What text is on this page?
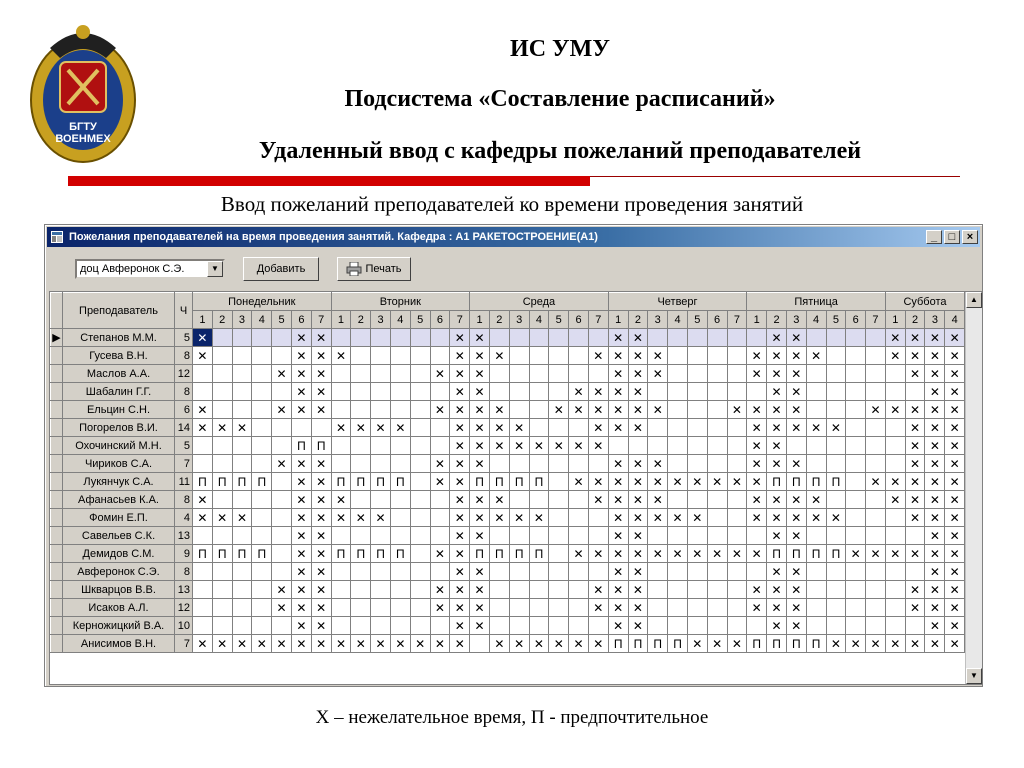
БГТУ
ВОЕНМЕХ
ИС УМУ
Подсистема «Составление расписаний»
Удаленный ввод с кафедры пожеланий преподавателей
Ввод пожеланий преподавателей ко времени проведения занятий
Пожелания преподавателей на время проведения занятий. Кафедра : А1 РАКЕТОСТРОЕНИЕ(А1)	_	□	×
доц Авферонок С.Э.	▼	Добавить	Печать
	Преподаватель	Ч	Понедельник							Вторник							Среда							Четверг							Пятница							Суббота			
			1	2	3	4	5	6	7	1	2	3	4	5	6	7	1	2	3	4	5	6	7	1	2	3	4	5	6	7	1	2	3	4	5	6	7	1	2	3	4
▶	Степанов М.М.	5	✕					✕	✕							✕	✕							✕	✕							✕	✕					✕	✕	✕	✕
	Гусева В.Н.	8	✕					✕	✕	✕						✕	✕	✕					✕	✕	✕	✕					✕	✕	✕	✕				✕	✕	✕	✕
	Маслов А.А.	12					✕	✕	✕						✕	✕	✕							✕	✕	✕					✕	✕	✕						✕	✕	✕
	Шабалин Г.Г.	8						✕	✕							✕	✕					✕	✕	✕	✕							✕	✕							✕	✕
	Ельцин С.Н.	6	✕				✕	✕	✕						✕	✕	✕	✕			✕	✕	✕	✕	✕	✕				✕	✕	✕	✕				✕	✕	✕	✕	✕
	Погорелов В.И.	14	✕	✕	✕					✕	✕	✕	✕			✕	✕	✕	✕				✕	✕	✕						✕	✕	✕	✕	✕				✕	✕	✕
	Охочинский М.Н.	5						П	П							✕	✕	✕	✕	✕	✕	✕	✕								✕	✕							✕	✕	✕
	Чириков С.А.	7					✕	✕	✕						✕	✕	✕							✕	✕	✕					✕	✕	✕						✕	✕	✕
	Лукянчук С.А.	11	П	П	П	П		✕	✕	П	П	П	П		✕	✕	П	П	П	П		✕	✕	✕	✕	✕	✕	✕	✕	✕	✕	П	П	П	П		✕	✕	✕	✕	✕
	Афанасьев К.А.	8	✕					✕	✕	✕						✕	✕	✕					✕	✕	✕	✕					✕	✕	✕	✕				✕	✕	✕	✕
	Фомин Е.П.	4	✕	✕	✕			✕	✕	✕	✕	✕				✕	✕	✕	✕	✕				✕	✕	✕	✕	✕			✕	✕	✕	✕	✕				✕	✕	✕
	Савельев С.К.	13						✕	✕							✕	✕							✕	✕							✕	✕							✕	✕
	Демидов С.М.	9	П	П	П	П		✕	✕	П	П	П	П		✕	✕	П	П	П	П		✕	✕	✕	✕	✕	✕	✕	✕	✕	✕	П	П	П	П	✕	✕	✕	✕	✕	✕
	Авферонок С.Э.	8						✕	✕							✕	✕							✕	✕							✕	✕							✕	✕
	Шкварцов В.В.	13					✕	✕	✕						✕	✕	✕						✕	✕	✕						✕	✕	✕						✕	✕	✕
	Исаков А.Л.	12					✕	✕	✕						✕	✕	✕						✕	✕	✕						✕	✕	✕						✕	✕	✕
	Керножицкий В.А.	10						✕	✕							✕	✕							✕	✕							✕	✕							✕	✕
	Анисимов В.Н.	7	✕	✕	✕	✕	✕	✕	✕	✕	✕	✕	✕	✕	✕	✕		✕	✕	✕	✕	✕	✕	П	П	П	П	✕	✕	✕	П	П	П	П	✕	✕	✕	✕	✕	✕	✕
▲
▼
Х – нежелательное время, П - предпочтительное
